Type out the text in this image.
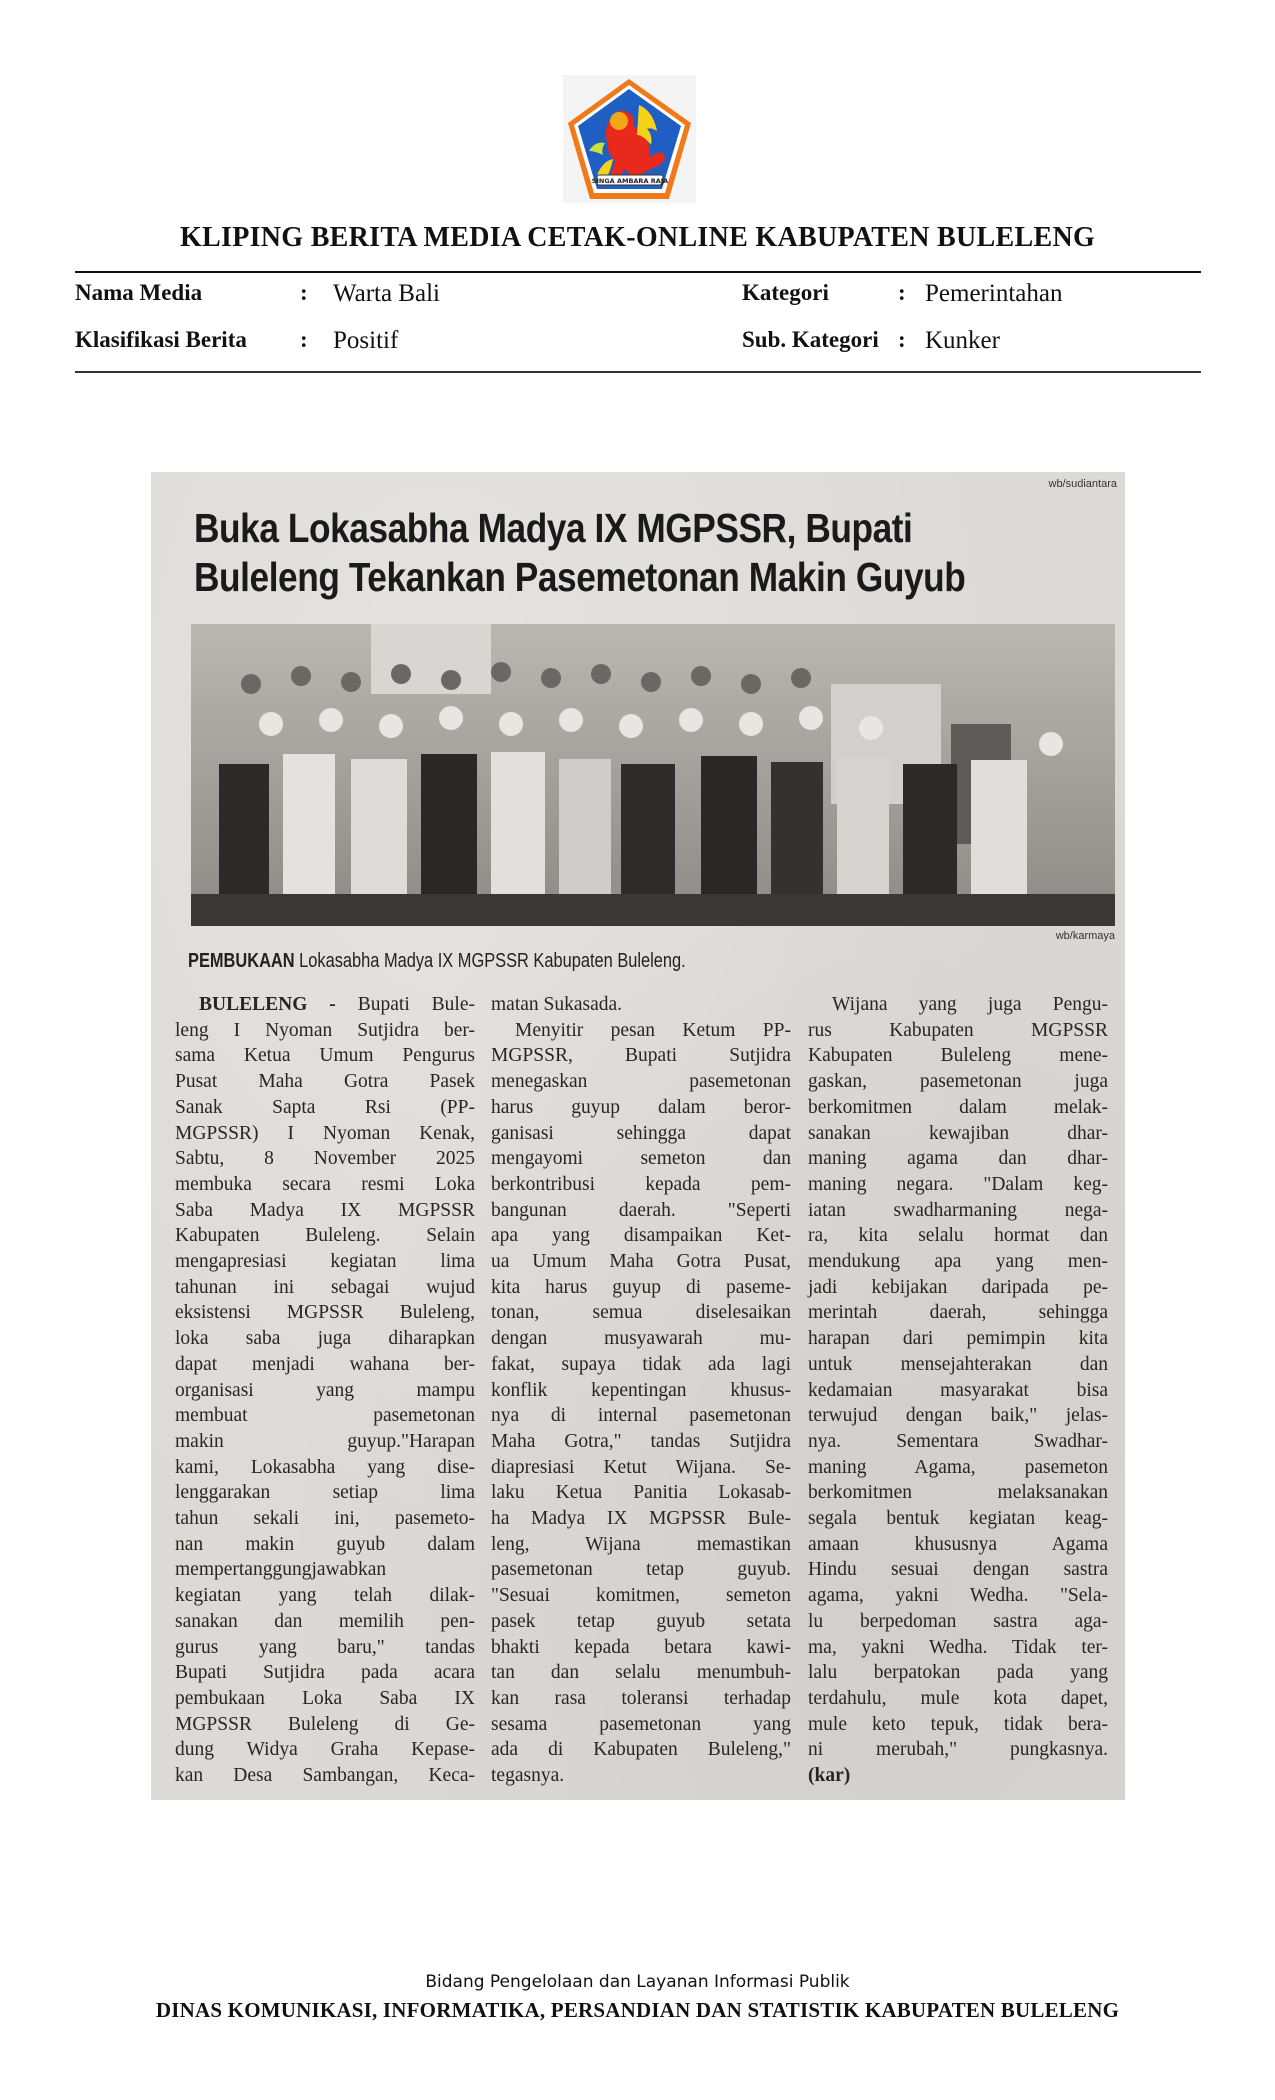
SINGA AMBARA RAJA
KLIPING BERITA MEDIA CETAK-ONLINE KABUPATEN BULELENG
Nama Media	: Warta Bali
Klasifikasi Berita : Positif
Kategori	: Pemerintahan
Sub. Kategori : Kunker
wb/sudiantara
Buka Lokasabha Madya IX MGPSSR, Bupati
Buleleng Tekankan Pasemetonan Makin Guyub
wb/karmaya
PEMBUKAAN Lokasabha Madya IX MGPSSR Kabupaten Buleleng.
BULELENG - Bupati Bule-
leng I Nyoman Sutjidra ber-
sama Ketua Umum Pengurus
Pusat Maha Gotra Pasek
Sanak Sapta Rsi (PP-
MGPSSR) I Nyoman Kenak,
Sabtu, 8 November 2025
membuka secara resmi Loka
Saba Madya IX MGPSSR
Kabupaten Buleleng. Selain
mengapresiasi kegiatan lima
tahunan ini sebagai wujud
eksistensi MGPSSR Buleleng,
loka saba juga diharapkan
dapat menjadi wahana ber-
organisasi yang mampu
membuat pasemetonan
makin guyup."Harapan
kami, Lokasabha yang dise-
lenggarakan setiap lima
tahun sekali ini, pasemeto-
nan makin guyub dalam
mempertanggungjawabkan
kegiatan yang telah dilak-
sanakan dan memilih pen-
gurus yang baru," tandas
Bupati Sutjidra pada acara
pembukaan Loka Saba IX
MGPSSR Buleleng di Ge-
dung Widya Graha Kepase-
kan Desa Sambangan, Keca-
matan Sukasada.
Menyitir pesan Ketum PP-
MGPSSR, Bupati Sutjidra
menegaskan pasemetonan
harus guyup dalam beror-
ganisasi sehingga dapat
mengayomi semeton dan
berkontribusi kepada pem-
bangunan daerah. "Seperti
apa yang disampaikan Ket-
ua Umum Maha Gotra Pusat,
kita harus guyup di paseme-
tonan, semua diselesaikan
dengan musyawarah mu-
fakat, supaya tidak ada lagi
konflik kepentingan khusus-
nya di internal pasemetonan
Maha Gotra," tandas Sutjidra
diapresiasi Ketut Wijana. Se-
laku Ketua Panitia Lokasab-
ha Madya IX MGPSSR Bule-
leng, Wijana memastikan
pasemetonan tetap guyub.
"Sesuai komitmen, semeton
pasek tetap guyub setata
bhakti kepada betara kawi-
tan dan selalu menumbuh-
kan rasa toleransi terhadap
sesama pasemetonan yang
ada di Kabupaten Buleleng,"
tegasnya.
Wijana yang juga Pengu-
rus Kabupaten MGPSSR
Kabupaten Buleleng mene-
gaskan, pasemetonan juga
berkomitmen dalam melak-
sanakan kewajiban dhar-
maning agama dan dhar-
maning negara. "Dalam keg-
iatan swadharmaning nega-
ra, kita selalu hormat dan
mendukung apa yang men-
jadi kebijakan daripada pe-
merintah daerah, sehingga
harapan dari pemimpin kita
untuk mensejahterakan dan
kedamaian masyarakat bisa
terwujud dengan baik," jelas-
nya. Sementara Swadhar-
maning Agama, pasemeton
berkomitmen melaksanakan
segala bentuk kegiatan keag-
amaan khususnya Agama
Hindu sesuai dengan sastra
agama, yakni Wedha. "Sela-
lu berpedoman sastra aga-
ma, yakni Wedha. Tidak ter-
lalu berpatokan pada yang
terdahulu, mule kota dapet,
mule keto tepuk, tidak bera-
ni merubah," pungkasnya.
(kar)
Bidang Pengelolaan dan Layanan Informasi Publik
DINAS KOMUNIKASI, INFORMATIKA, PERSANDIAN DAN STATISTIK KABUPATEN BULELENG
